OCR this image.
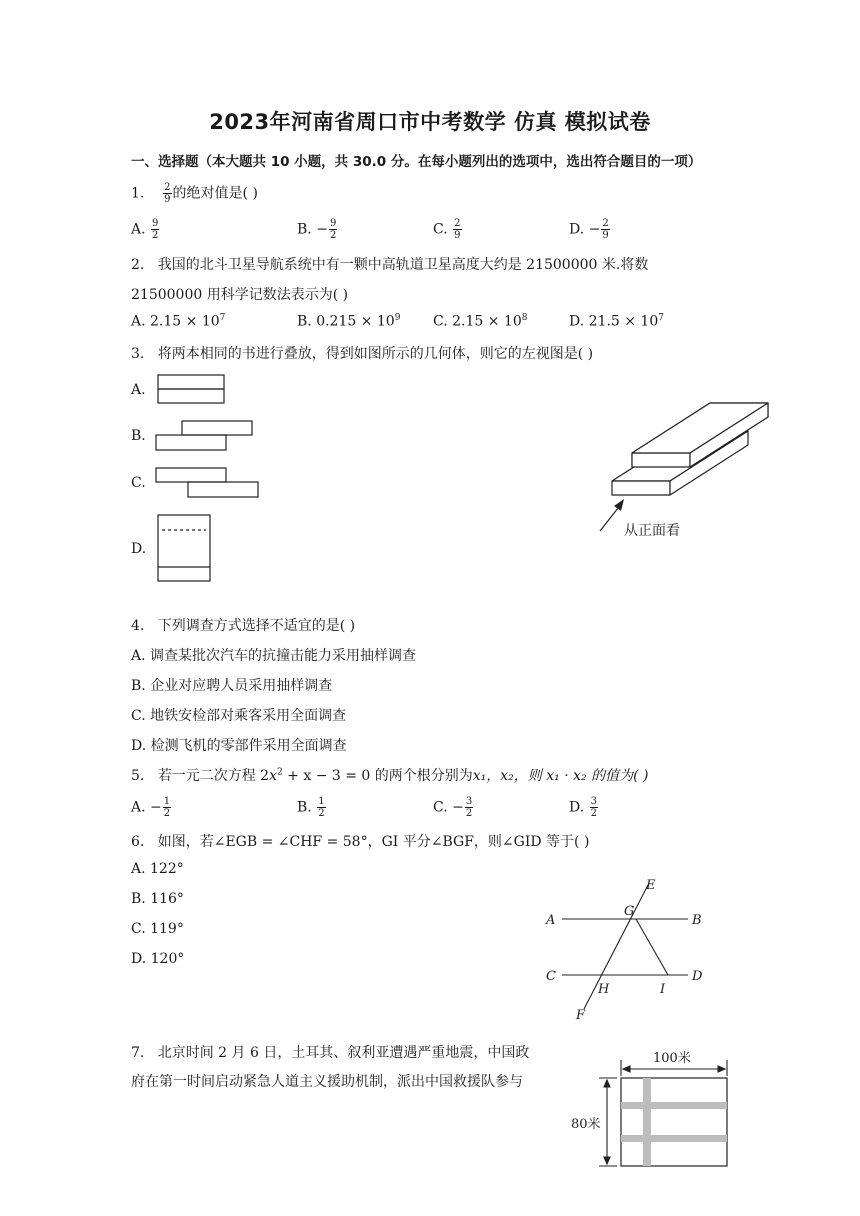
2023年河南省周口市中考数学 仿真 模拟试卷
一、选择题（本大题共 10 小题，共 30.0 分。在每小题列出的选项中，选出符合题目的一项）
1. $\frac{2}{9}$ 的绝对值是( )
A. $\frac{9}{2}$	B. − $\frac{9}{2}$	C. $\frac{2}{9}$	D. − $\frac{2}{9}$
2. 我国的北斗卫星导航系统中有一颗中高轨道卫星高度大约是 21500000 米.将数
21500000 用科学记数法表示为( )
A. $2.15 \times 10^7$	B. $0.215 \times 10^9$ C. $2.15 \times 10^8$	D. $21.5 \times 10^7$
3. 将两本相同的书进行叠放，得到如图所示的几何体，则它的左视图是( )
A.
B.
C.
D.
从正面看
4. 下列调查方式选择不适宜的是( )
A. 调查某批次汽车的抗撞击能力采用抽样调查
B. 企业对应聘人员采用抽样调查
C. 地铁安检部对乘客采用全面调查
D. 检测飞机的零部件采用全面调查
5. 若一元二次方程 $2x^2 + x - 3 = 0$ 的两个根分别为x₁，x₂，则 x₁ · x₂ 的值为( )
A. − $\frac{1}{2}$	B. $\frac{1}{2}$	C. − $\frac{3}{2}$	D. $\frac{3}{2}$
6. 如图，若∠EGB = ∠CHF = 58°，GI 平分∠BGF，则∠GID 等于( )
A. 122°
B. 116°
C. 119°
D. 120°
A	B
C	D
E
F
G
H	I
7. 北京时间 2 月 6 日，土耳其、叙利亚遭遇严重地震，中国政
府在第一时间启动紧急人道主义援助机制，派出中国救援队参与
100米
80米
